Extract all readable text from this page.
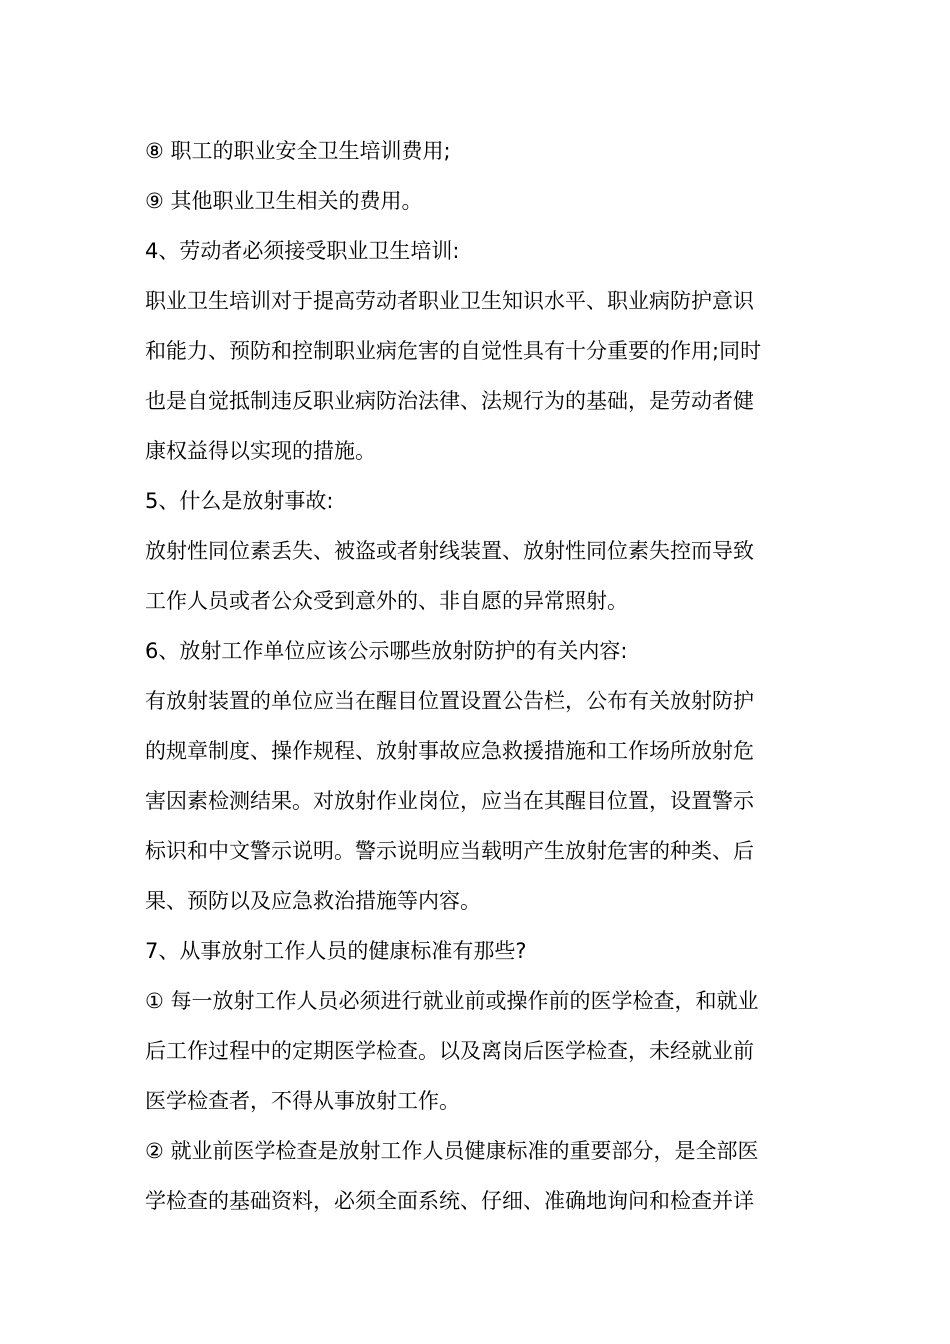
⑧ 职工的职业安全卫生培训费用;
⑨ 其他职业卫生相关的费用。
4、劳动者必须接受职业卫生培训:
职业卫生培训对于提高劳动者职业卫生知识水平、职业病防护意识
和能力、预防和控制职业病危害的自觉性具有十分重要的作用;同时
也是自觉抵制违反职业病防治法律、法规行为的基础，是劳动者健
康权益得以实现的措施。
5、什么是放射事故:
放射性同位素丢失、被盗或者射线装置、放射性同位素失控而导致
工作人员或者公众受到意外的、非自愿的异常照射。
6、放射工作单位应该公示哪些放射防护的有关内容:
有放射装置的单位应当在醒目位置设置公告栏，公布有关放射防护
的规章制度、操作规程、放射事故应急救援措施和工作场所放射危
害因素检测结果。对放射作业岗位，应当在其醒目位置，设置警示
标识和中文警示说明。警示说明应当载明产生放射危害的种类、后
果、预防以及应急救治措施等内容。
7、从事放射工作人员的健康标准有那些?
① 每一放射工作人员必须进行就业前或操作前的医学检查，和就业
后工作过程中的定期医学检查。以及离岗后医学检查，未经就业前
医学检查者，不得从事放射工作。
② 就业前医学检查是放射工作人员健康标准的重要部分，是全部医
学检查的基础资料，必须全面系统、仔细、准确地询问和检查并详
